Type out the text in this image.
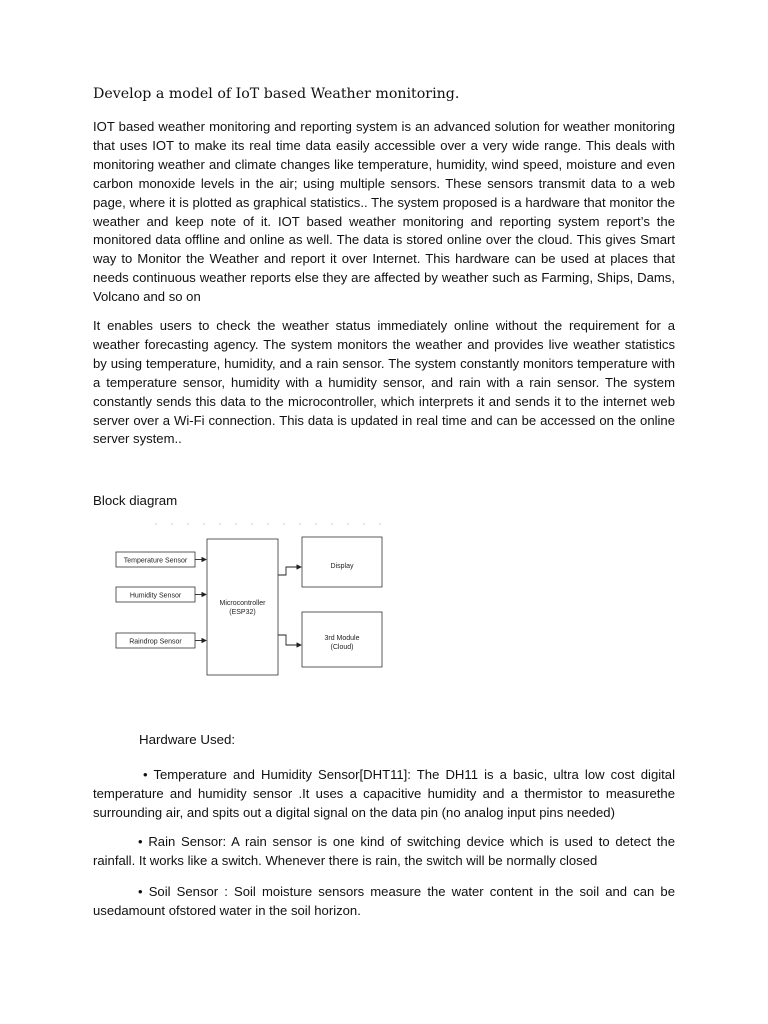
Develop a model of IoT based Weather monitoring.

IOT based weather monitoring and reporting system is an advanced solution for weather monitoring that uses IOT to make its real time data easily accessible over a very wide range. This deals with monitoring weather and climate changes like temperature, humidity, wind speed, moisture and even carbon monoxide levels in the air; using multiple sensors. These sensors transmit data to a web page, where it is plotted as graphical statistics.. The system proposed is a hardware that monitor the weather and keep note of it. IOT based weather monitoring and reporting system report’s the monitored data offline and online as well. The data is stored online over the cloud. This gives Smart way to Monitor the Weather and report it over Internet. This hardware can be used at places that needs continuous weather reports else they are affected by weather such as Farming, Ships, Dams, Volcano and so on

It enables users to check the weather status immediately online without the requirement for a weather forecasting agency. The system monitors the weather and provides live weather statistics by using temperature, humidity, and a rain sensor. The system constantly monitors temperature with a temperature sensor, humidity with a humidity sensor, and rain with a rain sensor. The system constantly sends this data to the microcontroller, which interprets it and sends it to the internet web server over a Wi-Fi connection. This data is updated in real time and can be accessed on the online server system..

Block diagram

Temperature Sensor
Humidity Sensor
Raindrop Sensor
Microcontroller
(ESP32)
Display
3rd Module
(Cloud)

Hardware Used:

• Temperature and Humidity Sensor[DHT11]: The DH11 is a basic, ultra low cost digital temperature and humidity sensor .It uses a capacitive humidity and a thermistor to measurethe surrounding air, and spits out a digital signal on the data pin (no analog input pins needed)

• Rain Sensor: A rain sensor is one kind of switching device which is used to detect the rainfall. It works like a switch. Whenever there is rain, the switch will be normally closed

• Soil Sensor : Soil moisture sensors measure the water content in the soil and can be usedamount ofstored water in the soil horizon.
